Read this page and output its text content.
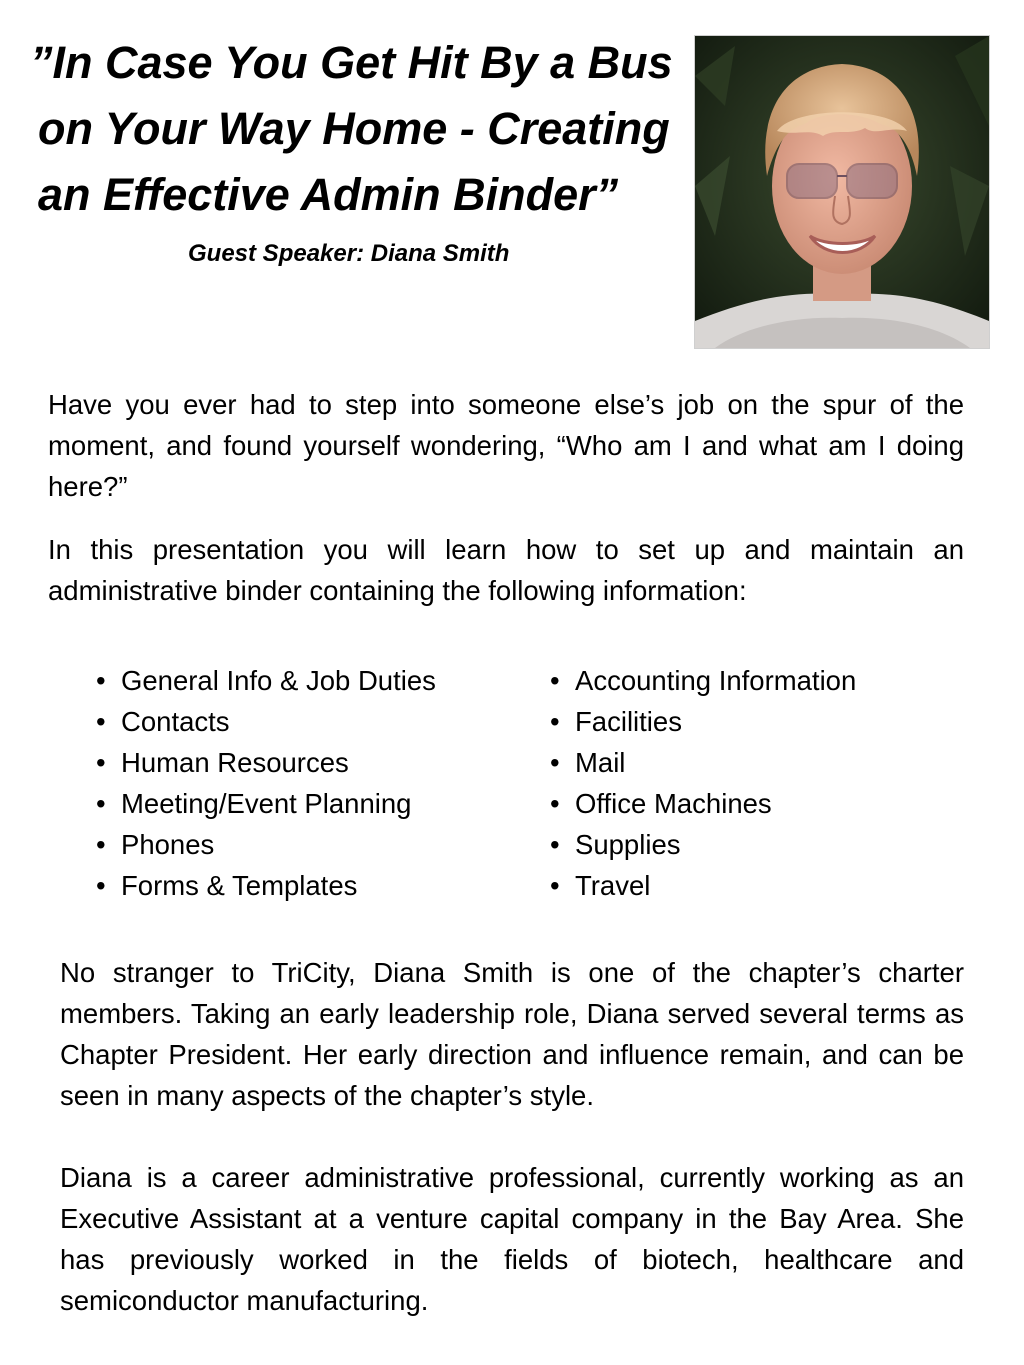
”In Case You Get Hit By a Bus
on Your Way Home - Creating
an Effective Admin Binder”

Guest Speaker: Diana Smith

Have you ever had to step into someone else’s job on the spur of the moment, and found yourself wondering, “Who am I and what am I doing here?”

In this presentation you will learn how to set up and maintain an administrative binder containing the following information:

• General Info & Job Duties
• Contacts
• Human Resources
• Meeting/Event Planning
• Phones
• Forms & Templates
• Accounting Information
• Facilities
• Mail
• Office Machines
• Supplies
• Travel

No stranger to TriCity, Diana Smith is one of the chapter’s charter members. Taking an early leadership role, Diana served several terms as Chapter President. Her early direction and influence remain, and can be seen in many aspects of the chapter’s style.

Diana is a career administrative professional, currently working as an Executive Assistant at a venture capital company in the Bay Area. She has previously worked in the fields of biotech, healthcare and semiconductor manufacturing.
